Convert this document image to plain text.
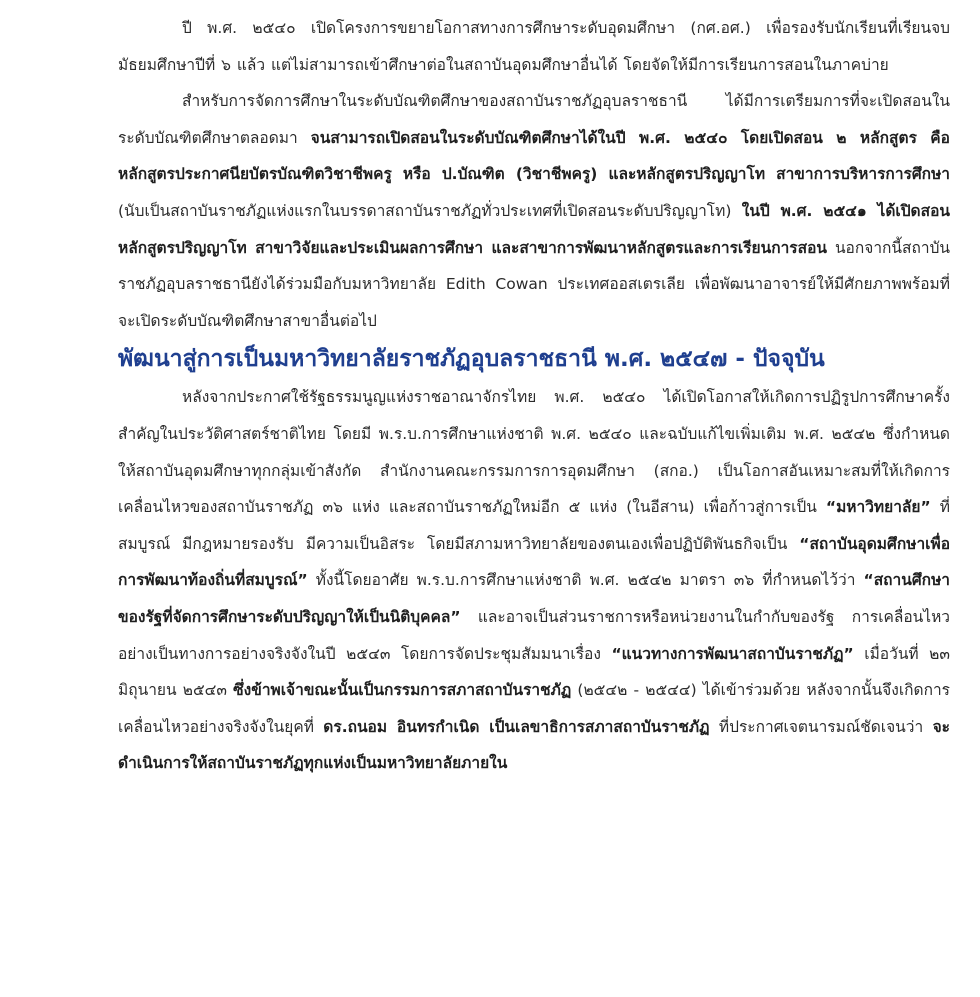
ปี พ.ศ. ๒๕๔๐ เปิดโครงการขยายโอกาสทางการศึกษาระดับอุดมศึกษา (กศ.อศ.) เพื่อรองรับนักเรียนที่เรียนจบมัธยมศึกษาปีที่ ๖ แล้ว แต่ไม่สามารถเข้าศึกษาต่อในสถาบันอุดมศึกษาอื่นได้ โดยจัดให้มีการเรียนการสอนในภาคบ่าย

สำหรับการจัดการศึกษาในระดับบัณฑิตศึกษาของสถาบันราชภัฏอุบลราชธานี ได้มีการเตรียมการที่จะเปิดสอนในระดับบัณฑิตศึกษาตลอดมา จนสามารถเปิดสอนในระดับบัณฑิตศึกษาได้ในปี พ.ศ. ๒๕๔๐ โดยเปิดสอน ๒ หลักสูตร คือ หลักสูตรประกาศนียบัตรบัณฑิตวิชาชีพครู หรือ ป.บัณฑิต (วิชาชีพครู) และหลักสูตรปริญญาโท สาขาการบริหารการศึกษา (นับเป็นสถาบันราชภัฏแห่งแรกในบรรดาสถาบันราชภัฏทั่วประเทศที่เปิดสอนระดับปริญญาโท) ในปี พ.ศ. ๒๕๔๑ ได้เปิดสอนหลักสูตรปริญญาโท สาขาวิจัยและประเมินผลการศึกษา และสาขาการพัฒนาหลักสูตรและการเรียนการสอน นอกจากนี้สถาบันราชภัฏอุบลราชธานียังได้ร่วมมือกับมหาวิทยาลัย Edith Cowan ประเทศออสเตรเลีย เพื่อพัฒนาอาจารย์ให้มีศักยภาพพร้อมที่จะเปิดระดับบัณฑิตศึกษาสาขาอื่นต่อไป

พัฒนาสู่การเป็นมหาวิทยาลัยราชภัฏอุบลราชธานี พ.ศ. ๒๕๔๗ - ปัจจุบัน

หลังจากประกาศใช้รัฐธรรมนูญแห่งราชอาณาจักรไทย พ.ศ. ๒๕๔๐ ได้เปิดโอกาสให้เกิดการปฏิรูปการศึกษาครั้งสำคัญในประวัติศาสตร์ชาติไทย โดยมี พ.ร.บ.การศึกษาแห่งชาติ พ.ศ. ๒๕๔๐ และฉบับแก้ไขเพิ่มเติม พ.ศ. ๒๕๔๒ ซึ่งกำหนดให้สถาบันอุดมศึกษาทุกกลุ่มเข้าสังกัด สำนักงานคณะกรรมการการอุดมศึกษา (สกอ.) เป็นโอกาสอันเหมาะสมที่ให้เกิดการเคลื่อนไหวของสถาบันราชภัฏ ๓๖ แห่ง และสถาบันราชภัฏใหม่อีก ๕ แห่ง (ในอีสาน) เพื่อก้าวสู่การเป็น “มหาวิทยาลัย” ที่สมบูรณ์ มีกฎหมายรองรับ มีความเป็นอิสระ โดยมีสภามหาวิทยาลัยของตนเองเพื่อปฏิบัติพันธกิจเป็น “สถาบันอุดมศึกษาเพื่อการพัฒนาท้องถิ่นที่สมบูรณ์” ทั้งนี้โดยอาศัย พ.ร.บ.การศึกษาแห่งชาติ พ.ศ. ๒๕๔๒ มาตรา ๓๖ ที่กำหนดไว้ว่า “สถานศึกษาของรัฐที่จัดการศึกษาระดับปริญญาให้เป็นนิติบุคคล” และอาจเป็นส่วนราชการหรือหน่วยงานในกำกับของรัฐ การเคลื่อนไหวอย่างเป็นทางการอย่างจริงจังในปี ๒๕๔๓ โดยการจัดประชุมสัมมนาเรื่อง “แนวทางการพัฒนาสถาบันราชภัฏ” เมื่อวันที่ ๒๓ มิถุนายน ๒๕๔๓ ซึ่งข้าพเจ้าขณะนั้นเป็นกรรมการสภาสถาบันราชภัฏ (๒๕๔๒ - ๒๕๔๔) ได้เข้าร่วมด้วย หลังจากนั้นจึงเกิดการเคลื่อนไหวอย่างจริงจังในยุคที่ ดร.ถนอม อินทรกำเนิด เป็นเลขาธิการสภาสถาบันราชภัฏ ที่ประกาศเจตนารมณ์ชัดเจนว่า จะดำเนินการให้สถาบันราชภัฏทุกแห่งเป็นมหาวิทยาลัยภายใน
